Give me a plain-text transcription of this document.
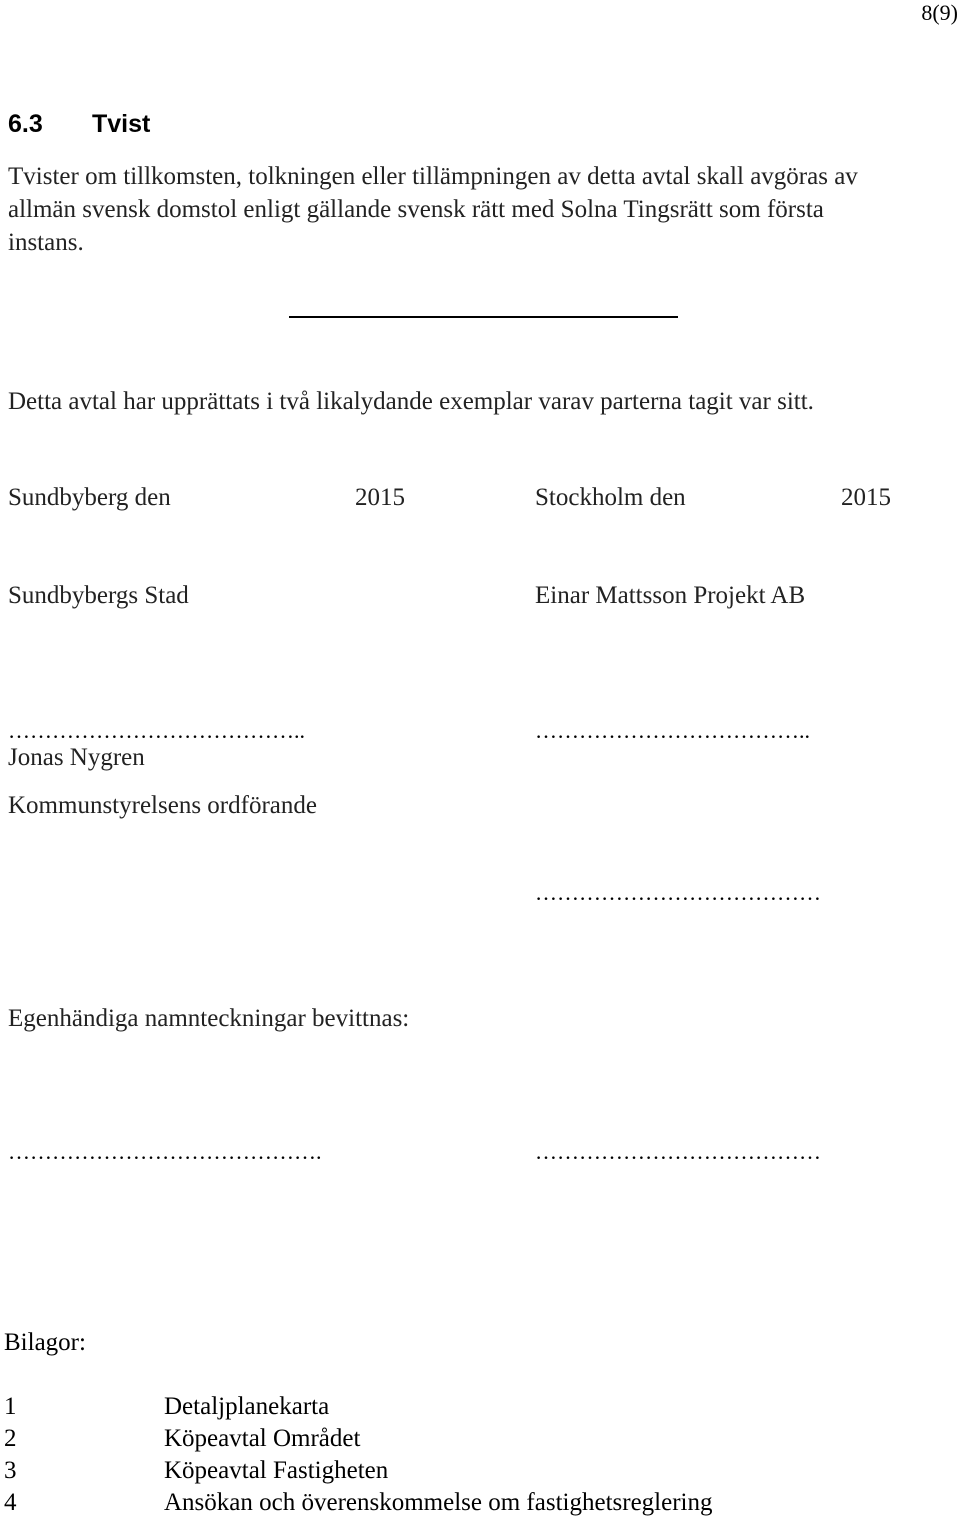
8(9)
6.3 Tvist
Tvister om tillkomsten, tolkningen eller tillämpningen av detta avtal skall avgöras av
allmän svensk domstol enligt gällande svensk rätt med Solna Tingsrätt som första
instans.
Detta avtal har upprättats i två likalydande exemplar varav parterna tagit var sitt.
Sundbyberg den	2015	Stockholm den	2015
Sundbybergs Stad	Einar Mattsson Projekt AB
…………………………………..	………………………………..
Jonas Nygren
Kommunstyrelsens ordförande
…………………………………
Egenhändiga namnteckningar bevittnas:
…………………………………….	…………………………………
Bilagor:
1	Detaljplanekarta
2	Köpeavtal Området
3	Köpeavtal Fastigheten
4	Ansökan och överenskommelse om fastighetsreglering
